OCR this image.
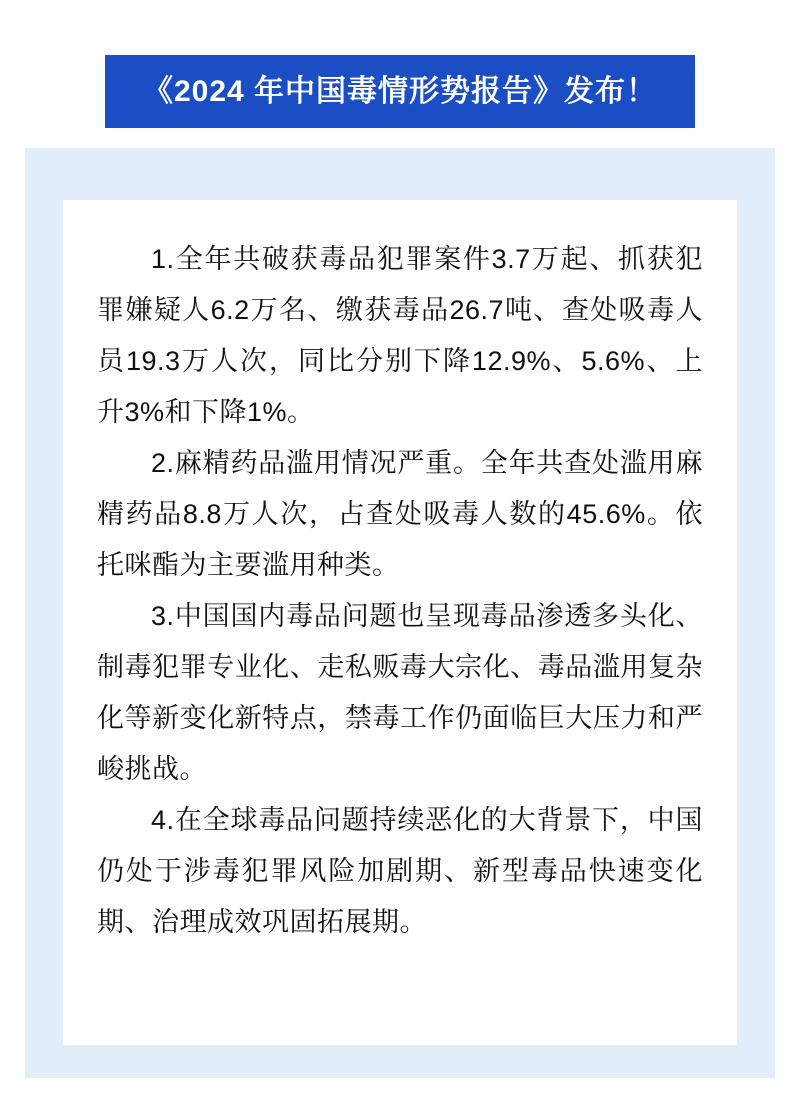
《2024 年中国毒情形势报告》发布！

1.全年共破获毒品犯罪案件3.7万起、抓获犯罪嫌疑人6.2万名、缴获毒品26.7吨、查处吸毒人员19.3万人次，同比分别下降12.9%、5.6%、上升3%和下降1%。

2.麻精药品滥用情况严重。全年共查处滥用麻精药品8.8万人次，占查处吸毒人数的45.6%。依托咪酯为主要滥用种类。

3.中国国内毒品问题也呈现毒品渗透多头化、制毒犯罪专业化、走私贩毒大宗化、毒品滥用复杂化等新变化新特点，禁毒工作仍面临巨大压力和严峻挑战。

4.在全球毒品问题持续恶化的大背景下，中国仍处于涉毒犯罪风险加剧期、新型毒品快速变化期、治理成效巩固拓展期。
